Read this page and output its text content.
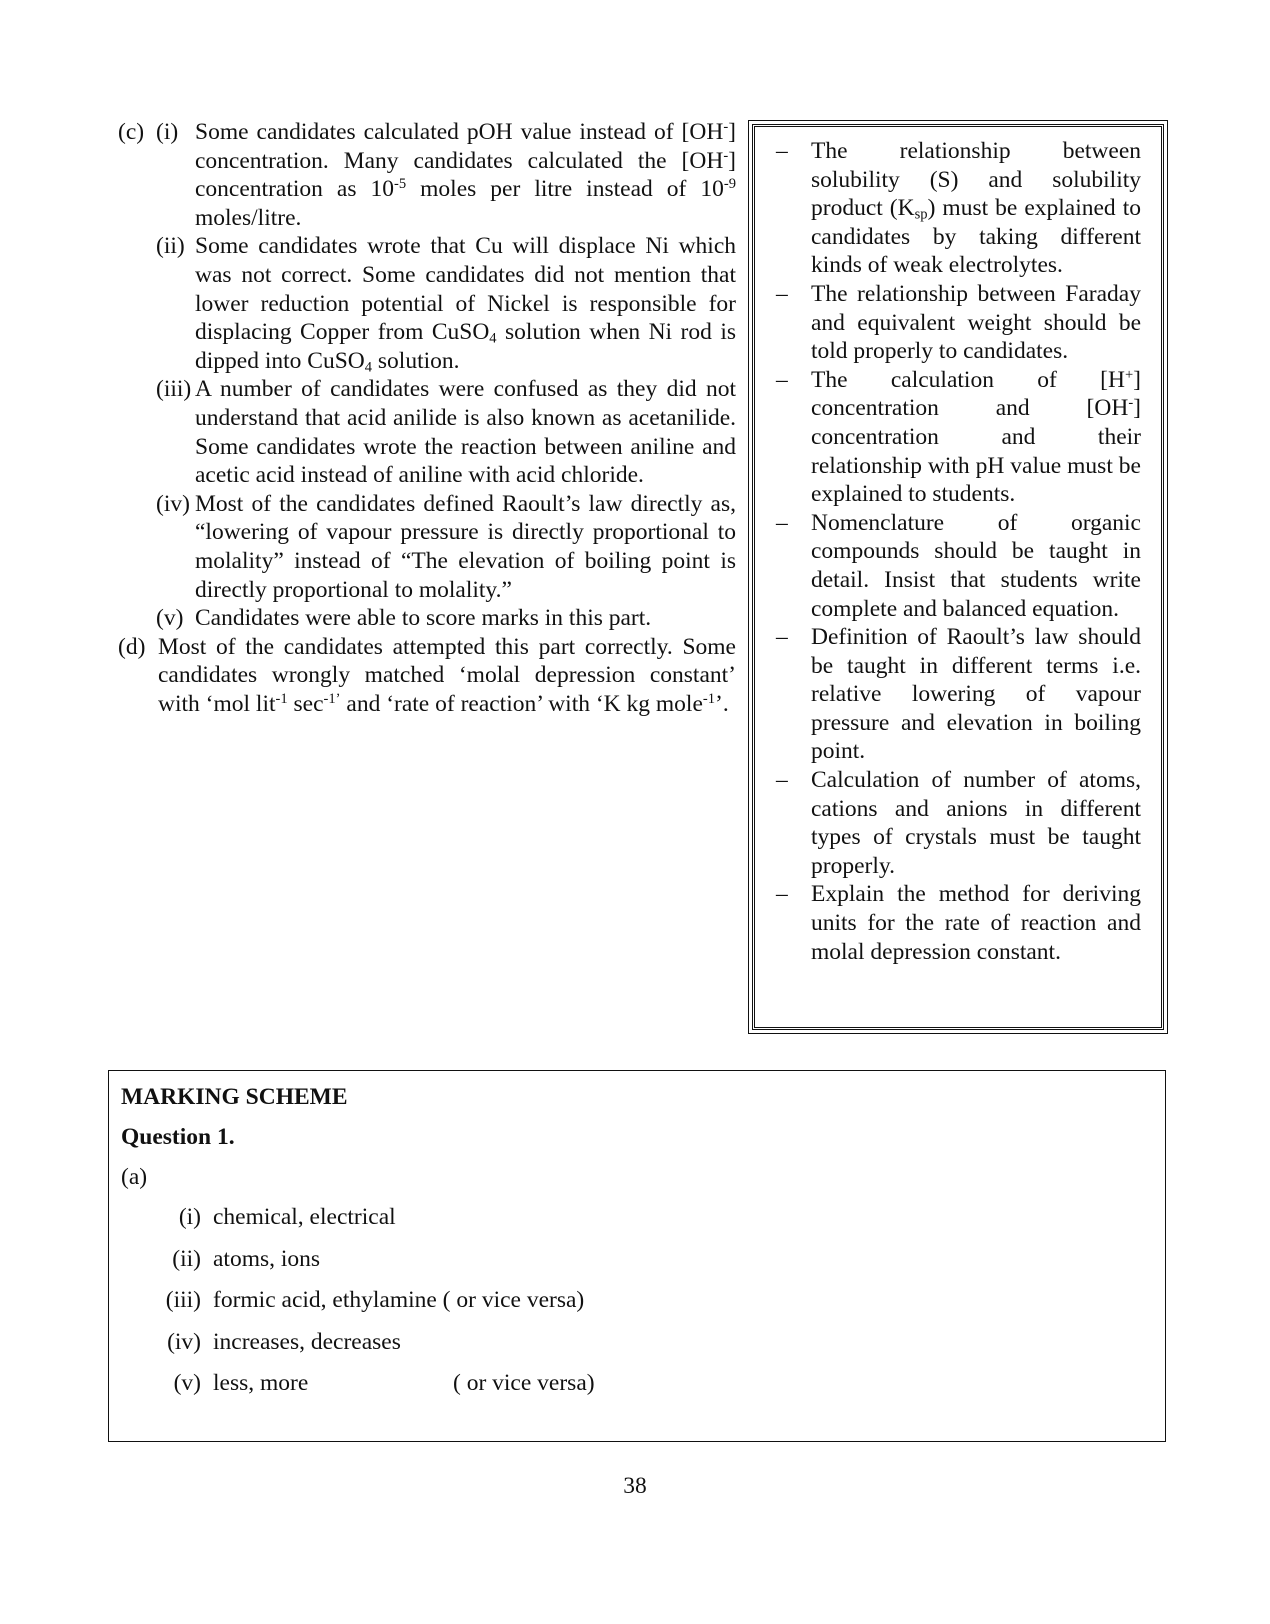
(c) (i) Some candidates calculated pOH value instead of [OH-] concentration. Many candidates calculated the [OH-] concentration as $10^{-5}$ moles per litre instead of $10^{-9}$ moles/litre.
(ii) Some candidates wrote that Cu will displace Ni which was not correct. Some candidates did not mention that lower reduction potential of Nickel is responsible for displacing Copper from CuSO$_4$ solution when Ni rod is dipped into CuSO$_4$ solution.
(iii) A number of candidates were confused as they did not understand that acid anilide is also known as acetanilide. Some candidates wrote the reaction between aniline and acetic acid instead of aniline with acid chloride.
(iv) Most of the candidates defined Raoult’s law directly as, “lowering of vapour pressure is directly proportional to molality” instead of “The elevation of boiling point is directly proportional to molality.”
(v) Candidates were able to score marks in this part.
(d) Most of the candidates attempted this part correctly. Some candidates wrongly matched ‘molal depression constant’ with ‘mol lit$^{-1}$ $\sec^{-1’}$ and ‘rate of reaction’ with ‘K kg mole$^{-1}$’.
– The relationship between solubility (S) and solubility product $(K_{sp})$ must be explained to candidates by taking different kinds of weak electrolytes.
– The relationship between Faraday and equivalent weight should be told properly to candidates.
– The calculation of [H+] concentration and [OH-] concentration and their relationship with pH value must be explained to students.
– Nomenclature of organic compounds should be taught in detail. Insist that students write complete and balanced equation.
– Definition of Raoult’s law should be taught in different terms i.e. relative lowering of vapour pressure and elevation in boiling point.
– Calculation of number of atoms, cations and anions in different types of crystals must be taught properly.
– Explain the method for deriving units for the rate of reaction and molal depression constant.
MARKING SCHEME
Question 1.
(a)
(i) chemical, electrical
(ii) atoms, ions
(iii) formic acid, ethylamine ( or vice versa)
(iv) increases, decreases
(v) less, more	( or vice versa)
38
